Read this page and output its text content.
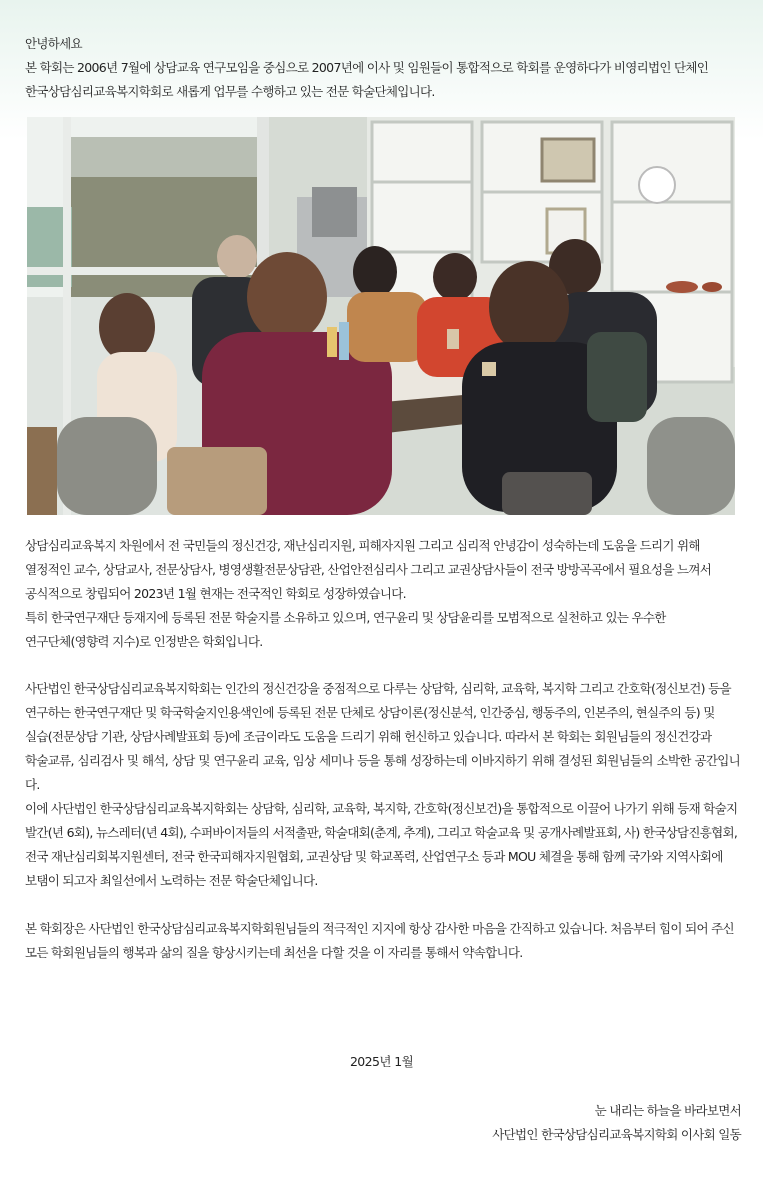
안녕하세요

본 학회는 2006년 7월에 상담교육 연구모임을 중심으로 2007년에 이사 및 임원들이 통합적으로 학회를 운영하다가 비영리법인 단체인

한국상담심리교육복지학회로 새롭게 업무를 수행하고 있는 전문 학술단체입니다.

상담심리교육복지 차원에서 전 국민들의 정신건강, 재난심리지원, 피해자지원 그리고 심리적 안녕감이 성숙하는데 도움을 드리기 위해

열정적인 교수, 상담교사, 전문상담사, 병영생활전문상담관, 산업안전심리사 그리고 교권상담사들이 전국 방방곡곡에서 필요성을 느껴서

공식적으로 창립되어 2023년 1월 현재는 전국적인 학회로 성장하였습니다.

특히 한국연구재단 등재지에 등록된 전문 학술지를 소유하고 있으며, 연구윤리 및 상담윤리를 모범적으로 실천하고 있는 우수한

연구단체(영향력 지수)로 인정받은 학회입니다.

사단법인 한국상담심리교육복지학회는 인간의 정신건강을 중점적으로 다루는 상담학, 심리학, 교육학, 복지학 그리고 간호학(정신보건) 등을

연구하는 한국연구재단 및 학국학술지인용색인에 등록된 전문 단체로 상담이론(정신분석, 인간중심, 행동주의, 인본주의, 현실주의 등) 및

실습(전문상담 기관, 상담사례발표회 등)에 조금이라도 도움을 드리기 위해 헌신하고 있습니다. 따라서 본 학회는 회원님들의 정신건강과

학술교류, 심리검사 및 해석, 상담 및 연구윤리 교육, 임상 세미나 등을 통해 성장하는데 이바지하기 위해 결성된 회원님들의 소박한 공간입니다.

이에 사단법인 한국상담심리교육복지학회는 상담학, 심리학, 교육학, 복지학, 간호학(정신보건)을 통합적으로 이끌어 나가기 위해 등재 학술지

발간(년 6회), 뉴스레터(년 4회), 수퍼바이저들의 서적출판, 학술대회(춘계, 추계), 그리고 학술교육 및 공개사례발표회, 사) 한국상담진흥협회,

전국 재난심리회복지원센터, 전국 한국피해자지원협회, 교권상담 및 학교폭력, 산업연구소 등과 MOU 체결을 통해 함께 국가와 지역사회에

보탬이 되고자 최일선에서 노력하는 전문 학술단체입니다.

본 학회장은 사단법인 한국상담심리교육복지학회원님들의 적극적인 지지에 항상 감사한 마음을 간직하고 있습니다. 처음부터 힘이 되어 주신

모든 학회원님들의 행복과 삶의 질을 향상시키는데 최선을 다할 것을 이 자리를 통해서 약속합니다.

2025년 1월

눈 내리는 하늘을 바라보면서

사단법인 한국상담심리교육복지학회 이사회 일동
